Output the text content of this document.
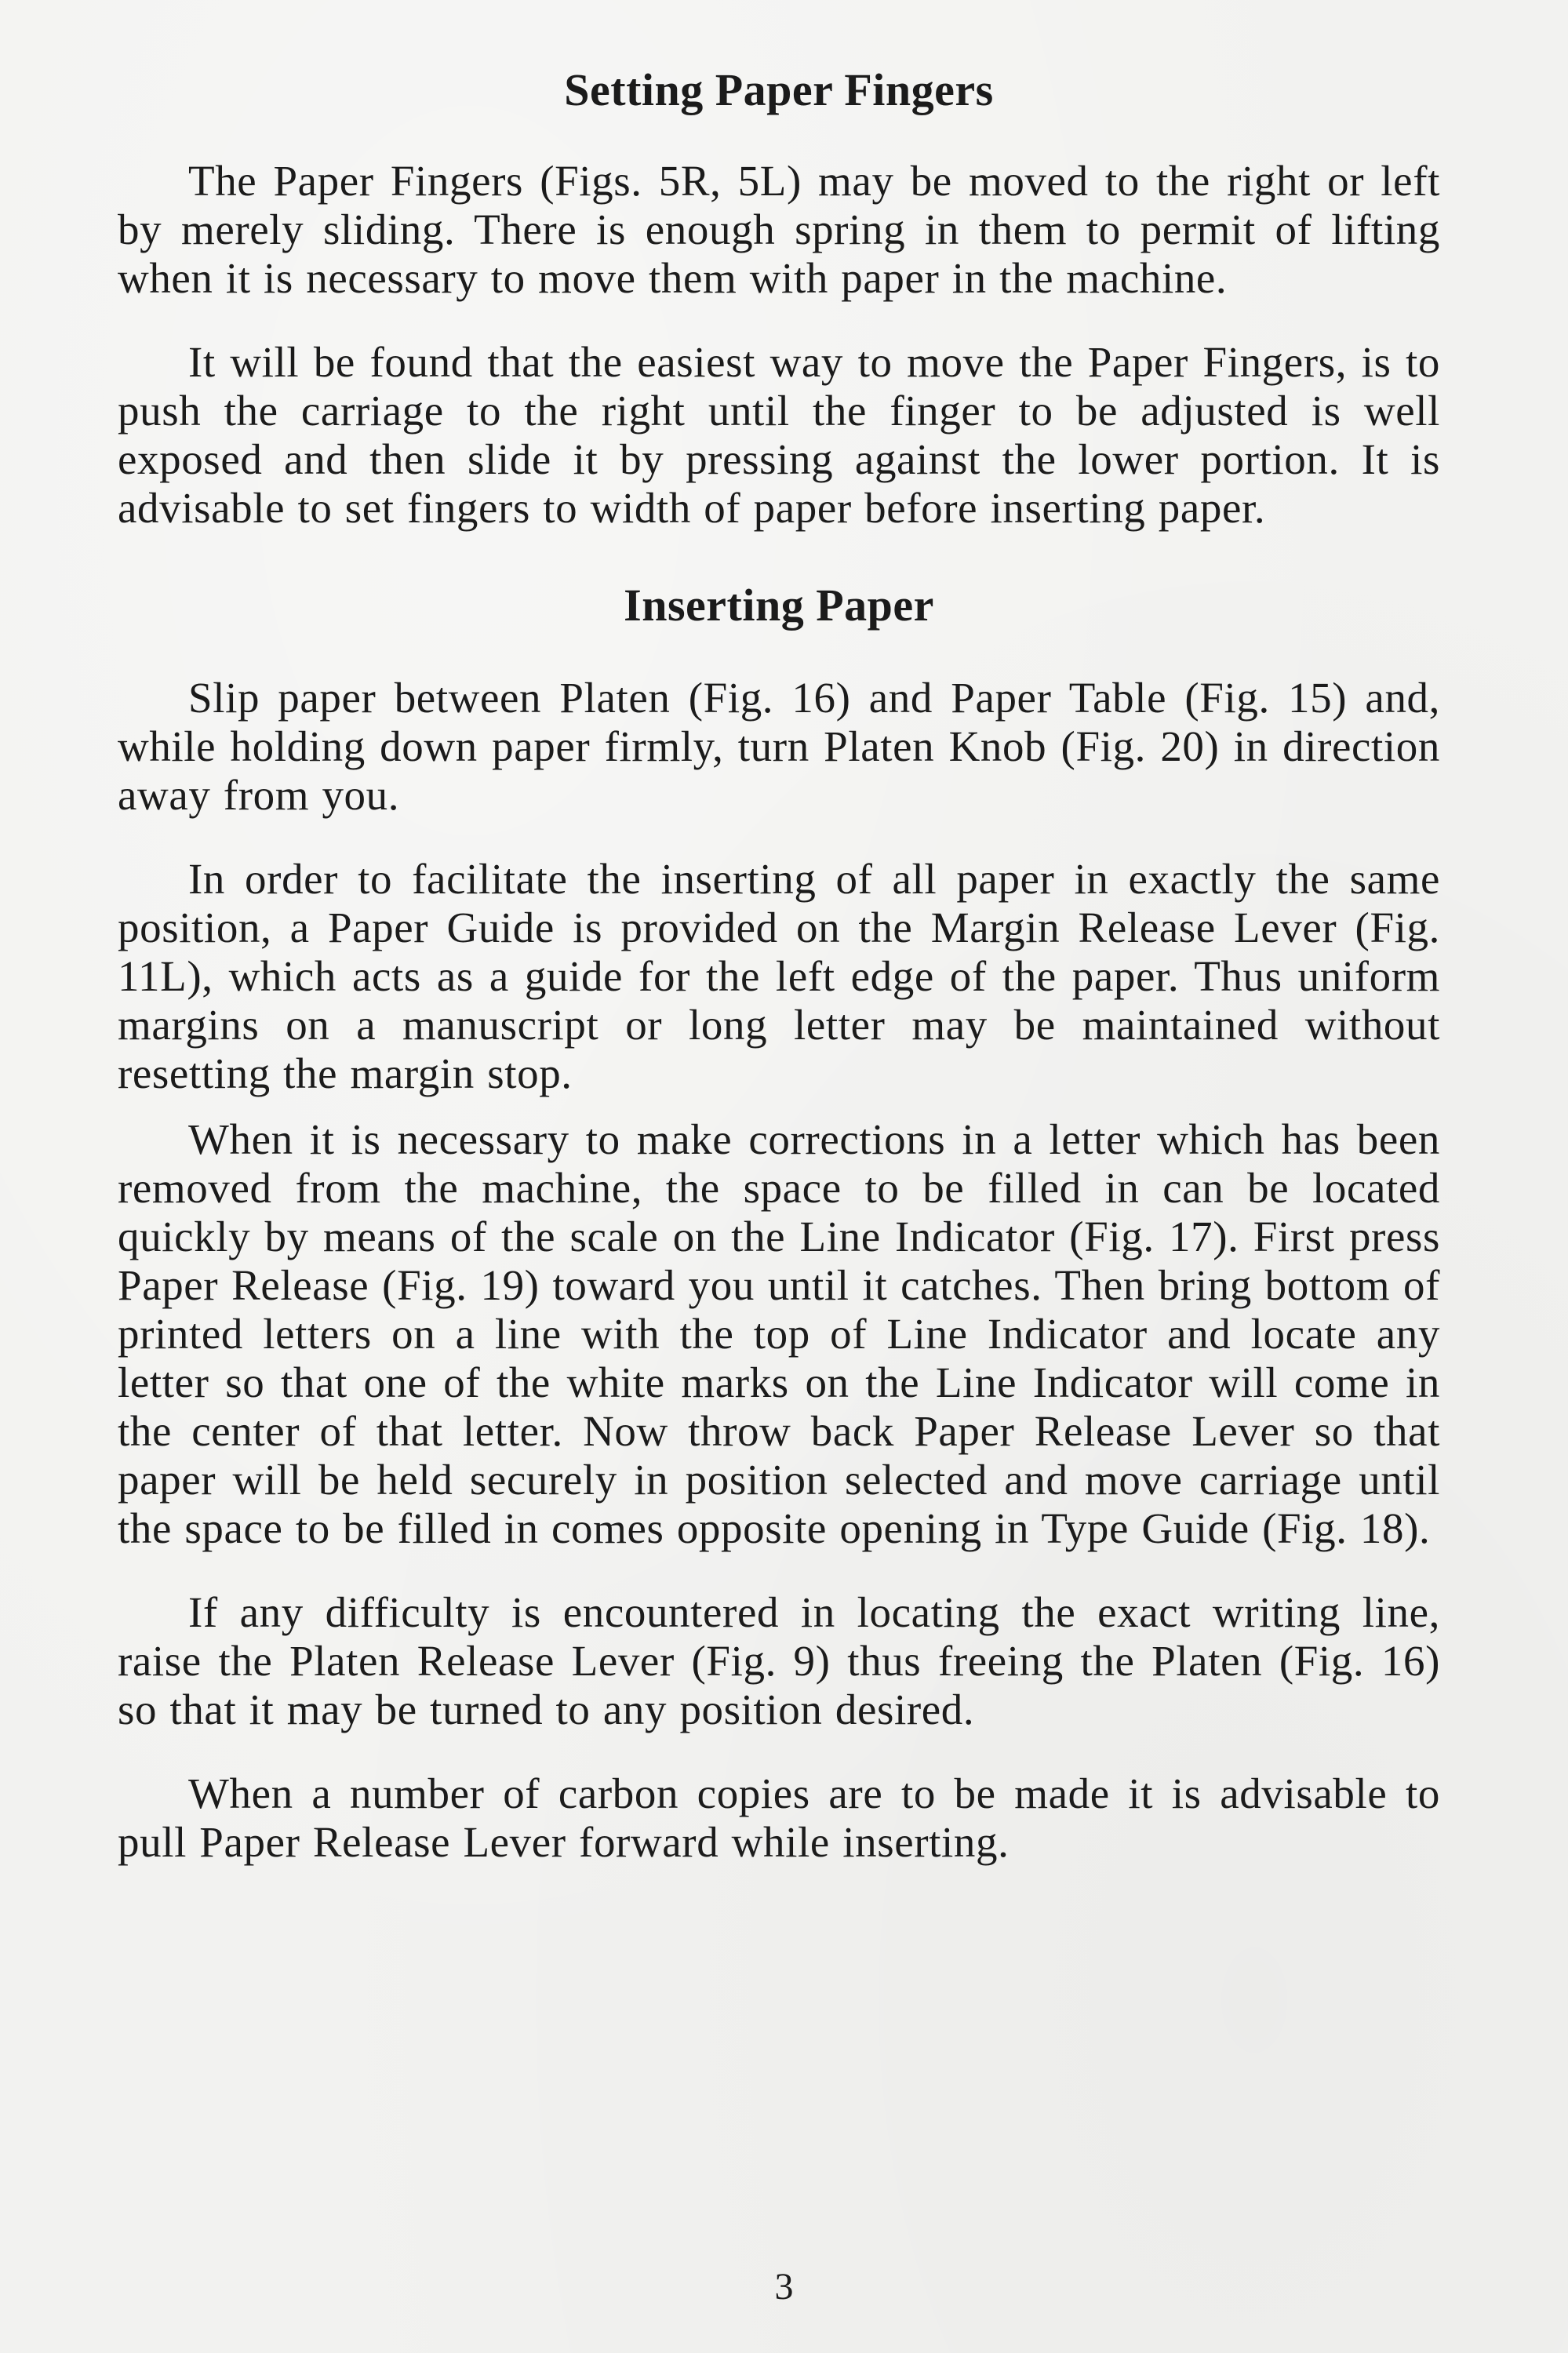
Setting Paper Fingers

The Paper Fingers (Figs. 5R, 5L) may be moved to the right or left by merely sliding. There is enough spring in them to permit of lifting when it is necessary to move them with paper in the machine.

It will be found that the easiest way to move the Paper Fingers, is to push the carriage to the right until the finger to be adjusted is well exposed and then slide it by pressing against the lower portion. It is advisable to set fingers to width of paper before inserting paper.

Inserting Paper

Slip paper between Platen (Fig. 16) and Paper Table (Fig. 15) and, while holding down paper firmly, turn Platen Knob (Fig. 20) in direction away from you.

In order to facilitate the inserting of all paper in exactly the same position, a Paper Guide is provided on the Margin Release Lever (Fig. 11L), which acts as a guide for the left edge of the paper. Thus uniform margins on a manuscript or long letter may be maintained without resetting the margin stop.

When it is necessary to make corrections in a letter which has been removed from the machine, the space to be filled in can be located quickly by means of the scale on the Line Indicator (Fig. 17). First press Paper Release (Fig. 19) toward you until it catches. Then bring bottom of printed letters on a line with the top of Line Indicator and locate any letter so that one of the white marks on the Line Indicator will come in the center of that letter. Now throw back Paper Release Lever so that paper will be held securely in position selected and move carriage until the space to be filled in comes opposite opening in Type Guide (Fig. 18).

If any difficulty is encountered in locating the exact writing line, raise the Platen Release Lever (Fig. 9) thus freeing the Platen (Fig. 16) so that it may be turned to any position desired.

When a number of carbon copies are to be made it is advisable to pull Paper Release Lever forward while inserting.

3
